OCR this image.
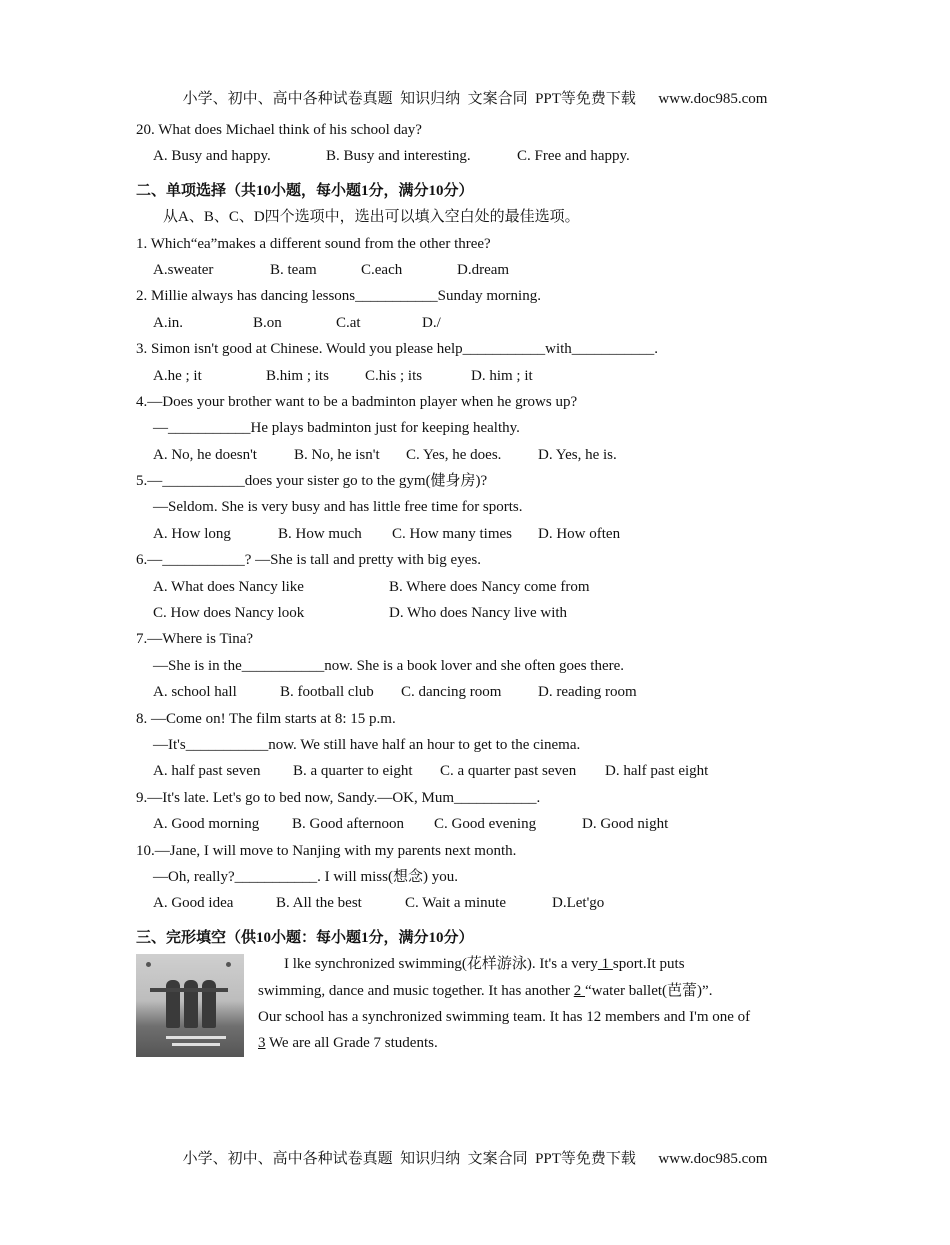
小学、初中、高中各种试卷真题  知识归纳  文案合同  PPT等免费下载      www.doc985.com
20. What does Michael think of his school day?
A. Busy and happy.	B. Busy and interesting.	C. Free and happy.
二、单项选择（共10小题，每小题1分，满分10分）
从A、B、C、D四个选项中，选出可以填入空白处的最佳选项。
1. Which“ea”makes a different sound from the other three?
A.sweater	B. team	C.each	D.dream
2. Millie always has dancing lessons___________Sunday morning.
A.in.	B.on	C.at	D./
3. Simon isn't good at Chinese. Would you please help___________with___________.
A.he ; it	B.him ; its	C.his ; its	D. him ; it
4.—Does your brother want to be a badminton player when he grows up?
—___________He plays badminton just for keeping healthy.
A. No, he doesn't	B. No, he isn't	C. Yes, he does.	D. Yes, he is.
5.—___________does your sister go to the gym(健身房)?
—Seldom. She is very busy and has little free time for sports.
A. How long	B. How much	C. How many times	D. How often
6.—___________? —She is tall and pretty with big eyes.
A. What does Nancy like	B. Where does Nancy come from
C. How does Nancy look	D. Who does Nancy live with
7.—Where is Tina?
—She is in the___________now. She is a book lover and she often goes there.
A. school hall	B. football club	C. dancing room	D. reading room
8. —Come on! The film starts at 8: 15 p.m.
—It's___________now. We still have half an hour to get to the cinema.
A. half past seven	B. a quarter to eight	C. a quarter past seven	D. half past eight
9.—It's late. Let's go to bed now, Sandy.—OK, Mum___________.
A. Good morning	B. Good afternoon	C. Good evening	D. Good night
10.—Jane, I will move to Nanjing with my parents next month.
—Oh, really?___________. I will miss(想念) you.
A. Good idea	B. All the best	C. Wait a minute	D.Let'go
三、完形填空（供10小题：每小题1分，满分10分）
I lke synchronized swimming(花样游泳). It's a very 1 sport.It puts
swimming, dance and music together. It has another 2 “water ballet(芭蕾)”.
Our school has a synchronized swimming team. It has 12 members and I'm one of
3 We are all Grade 7 students.
小学、初中、高中各种试卷真题  知识归纳  文案合同  PPT等免费下载      www.doc985.com
